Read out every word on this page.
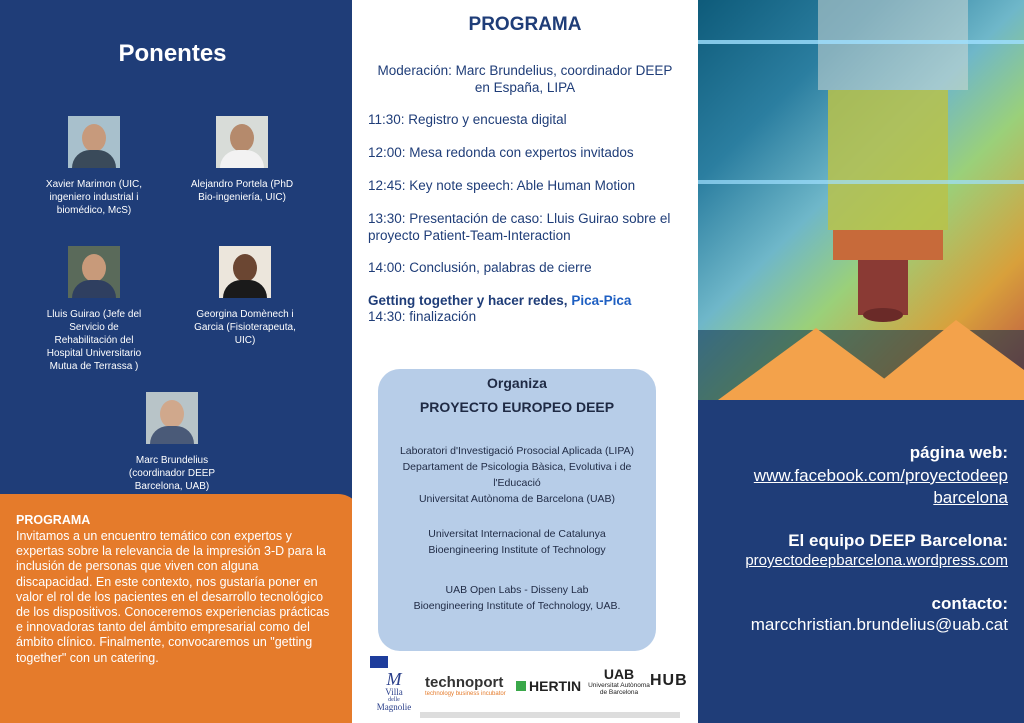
Ponentes
Xavier Marimon (UIC,
ingeniero industrial i
biomédico, McS)
Alejandro Portela (PhD
Bio-ingeniería, UIC)
Lluis Guirao (Jefe del
Servicio de
Rehabilitación del
Hospital Universitario
Mutua de Terrassa )
Georgina Domènech i
Garcia (Fisioterapeuta,
UIC)
Marc Brundelius
(coordinador DEEP
Barcelona, UAB)
PROGRAMA
Invitamos a un encuentro temático con expertos y expertas sobre la relevancia de la impresión 3-D para la inclusión de personas que viven con alguna discapacidad. En este contexto, nos gustaría poner en valor el rol de los pacientes en el desarrollo tecnológico de los dispositivos. Conoceremos experiencias prácticas e innovadoras tanto del ámbito empresarial como del ámbito clínico. Finalmente, convocaremos un "getting together" con un catering.
PROGRAMA
Moderación: Marc Brundelius, coordinador DEEP en España, LIPA
11:30: Registro y encuesta digital
12:00: Mesa redonda con expertos invitados
12:45: Key note speech: Able Human Motion
13:30: Presentación de caso: Lluis Guirao sobre el proyecto Patient-Team-Interaction
14:00: Conclusión, palabras de cierre
Getting together y hacer redes, Pica-Pica
14:30: finalización
Organiza
PROYECTO EUROPEO DEEP
Laboratori d'Investigació Prosocial Aplicada (LIPA)
Departament de Psicologia Bàsica, Evolutiva i de
l'Educació
Universitat Autònoma de Barcelona (UAB)
Universitat Internacional de Catalunya
Bioengineering Institute of Technology
UAB Open Labs - Disseny Lab
Bioengineering Institute of Technology, UAB.
M
Villa
delle
Magnolie
technoport
technology business incubator	HERTIN
UAB
Universitat Autònoma
de Barcelona
HUB
página web:
www.facebook.com/proyectodeep
barcelona
El equipo DEEP Barcelona:
proyectodeepbarcelona.wordpress.com
contacto:
marcchristian.brundelius@uab.cat
